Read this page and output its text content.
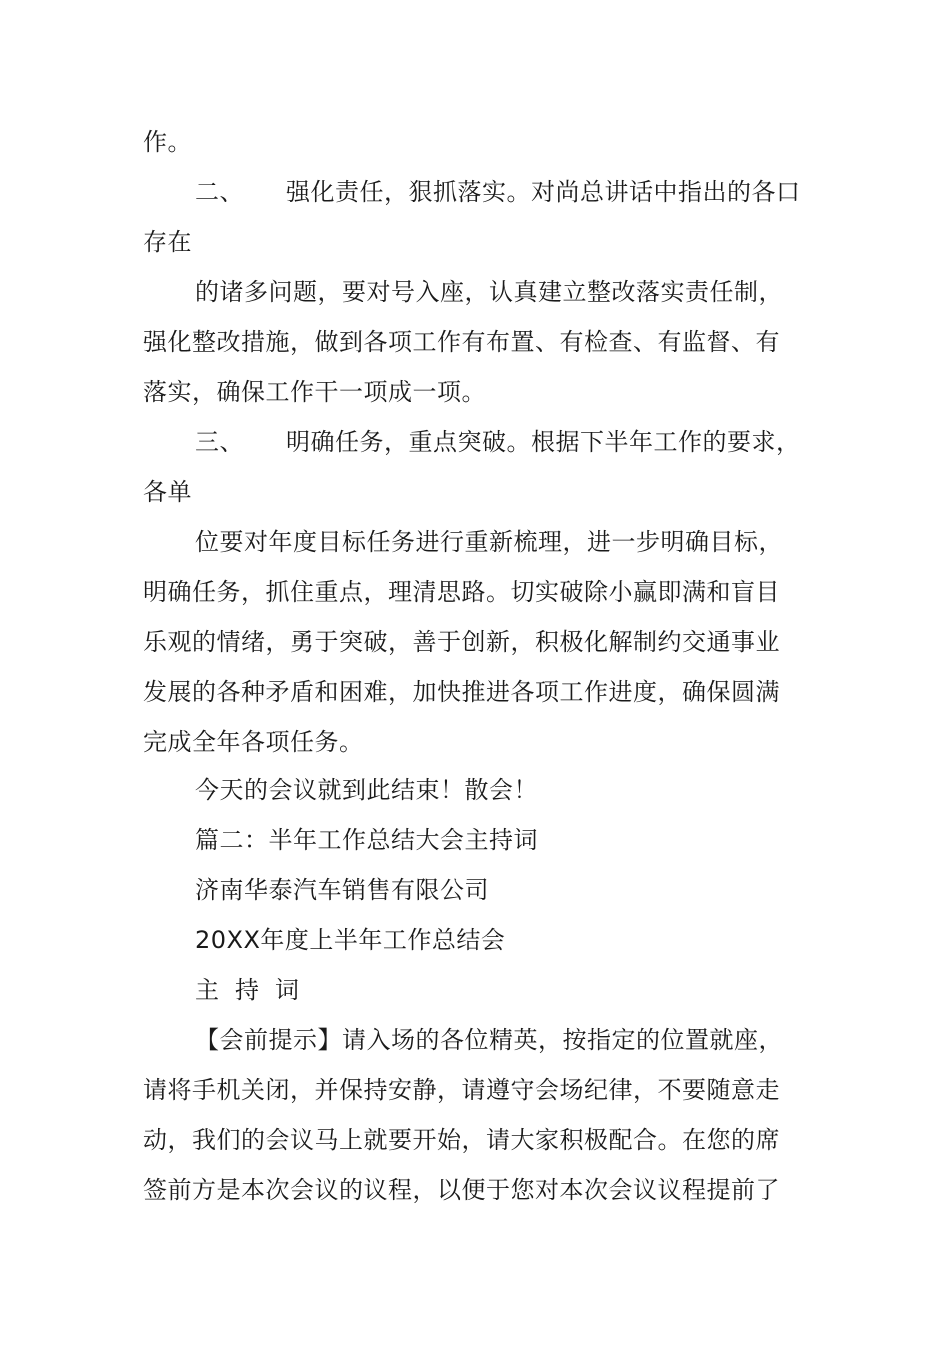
作。
二、 强化责任，狠抓落实。对尚总讲话中指出的各口
存在
的诸多问题，要对号入座，认真建立整改落实责任制，
强化整改措施，做到各项工作有布置、有检查、有监督、有
落实，确保工作干一项成一项。
三、 明确任务，重点突破。根据下半年工作的要求，
各单
位要对年度目标任务进行重新梳理，进一步明确目标，
明确任务，抓住重点，理清思路。切实破除小赢即满和盲目
乐观的情绪，勇于突破，善于创新，积极化解制约交通事业
发展的各种矛盾和困难，加快推进各项工作进度，确保圆满
完成全年各项任务。
今天的会议就到此结束！散会！
篇二：半年工作总结大会主持词
济南华泰汽车销售有限公司
20XX年度上半年工作总结会
主持词
【会前提示】请入场的各位精英，按指定的位置就座，
请将手机关闭，并保持安静，请遵守会场纪律，不要随意走
动，我们的会议马上就要开始，请大家积极配合。在您的席
签前方是本次会议的议程，以便于您对本次会议议程提前了
